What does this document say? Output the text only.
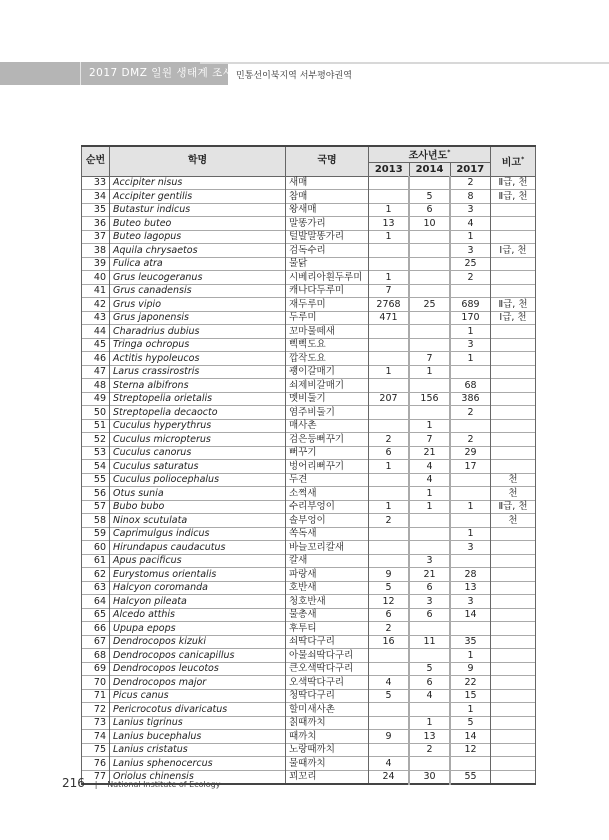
2017 DMZ 일원 생태계 조사 민통선이북지역 서부평야권역
순번	학명	국명	조사년도*			비고*
			2013	2014	2017	
33	Accipiter nisus	새매			2	Ⅱ급, 천
34	Accipiter gentilis	참매		5	8	Ⅱ급, 천
35	Butastur indicus	왕새매	1	6	3	
36	Buteo buteo	말똥가리	13	10	4	
37	Buteo lagopus	털발말똥가리	1		1	
38	Aquila chrysaetos	검독수리			3	Ⅰ급, 천
39	Fulica atra	물닭			25	
40	Grus leucogeranus	시베리아흰두루미	1		2	
41	Grus canadensis	캐나다두루미	7			
42	Grus vipio	재두루미	2768	25	689	Ⅱ급, 천
43	Grus japonensis	두루미	471		170	Ⅰ급, 천
44	Charadrius dubius	꼬마물떼새			1	
45	Tringa ochropus	삑삑도요			3	
46	Actitis hypoleucos	깝작도요		7	1	
47	Larus crassirostris	괭이갈매기	1	1		
48	Sterna albifrons	쇠제비갈매기			68	
49	Streptopelia orietalis	멧비둘기	207	156	386	
50	Streptopelia decaocto	염주비둘기			2	
51	Cuculus hyperythrus	매사촌		1		
52	Cuculus micropterus	검은등뻐꾸기	2	7	2	
53	Cuculus canorus	뻐꾸기	6	21	29	
54	Cuculus saturatus	벙어리뻐꾸기	1	4	17	
55	Cuculus poliocephalus	두견		4		천
56	Otus sunia	소쩍새		1		천
57	Bubo bubo	수리부엉이	1	1	1	Ⅱ급, 천
58	Ninox scutulata	솔부엉이	2			천
59	Caprimulgus indicus	쏙독새			1	
60	Hirundapus caudacutus	바늘꼬리칼새			3	
61	Apus pacificus	칼새		3		
62	Eurystomus orientalis	파랑새	9	21	28	
63	Halcyon coromanda	호반새	5	6	13	
64	Halcyon pileata	청호반새	12	3	3	
65	Alcedo atthis	물총새	6	6	14	
66	Upupa epops	후투티	2			
67	Dendrocopos kizuki	쇠딱다구리	16	11	35	
68	Dendrocopos canicapillus	아물쇠딱다구리			1	
69	Dendrocopos leucotos	큰오색딱다구리		5	9	
70	Dendrocopos major	오색딱다구리	4	6	22	
71	Picus canus	청딱다구리	5	4	15	
72	Pericrocotus divaricatus	할미새사촌			1	
73	Lanius tigrinus	칡때까치		1	5	
74	Lanius bucephalus	때까치	9	13	14	
75	Lanius cristatus	노랑때까치		2	12	
76	Lanius sphenocercus	물때까치	4			
77	Oriolus chinensis	꾀꼬리	24	30	55	
216 | National Institute of Ecology
